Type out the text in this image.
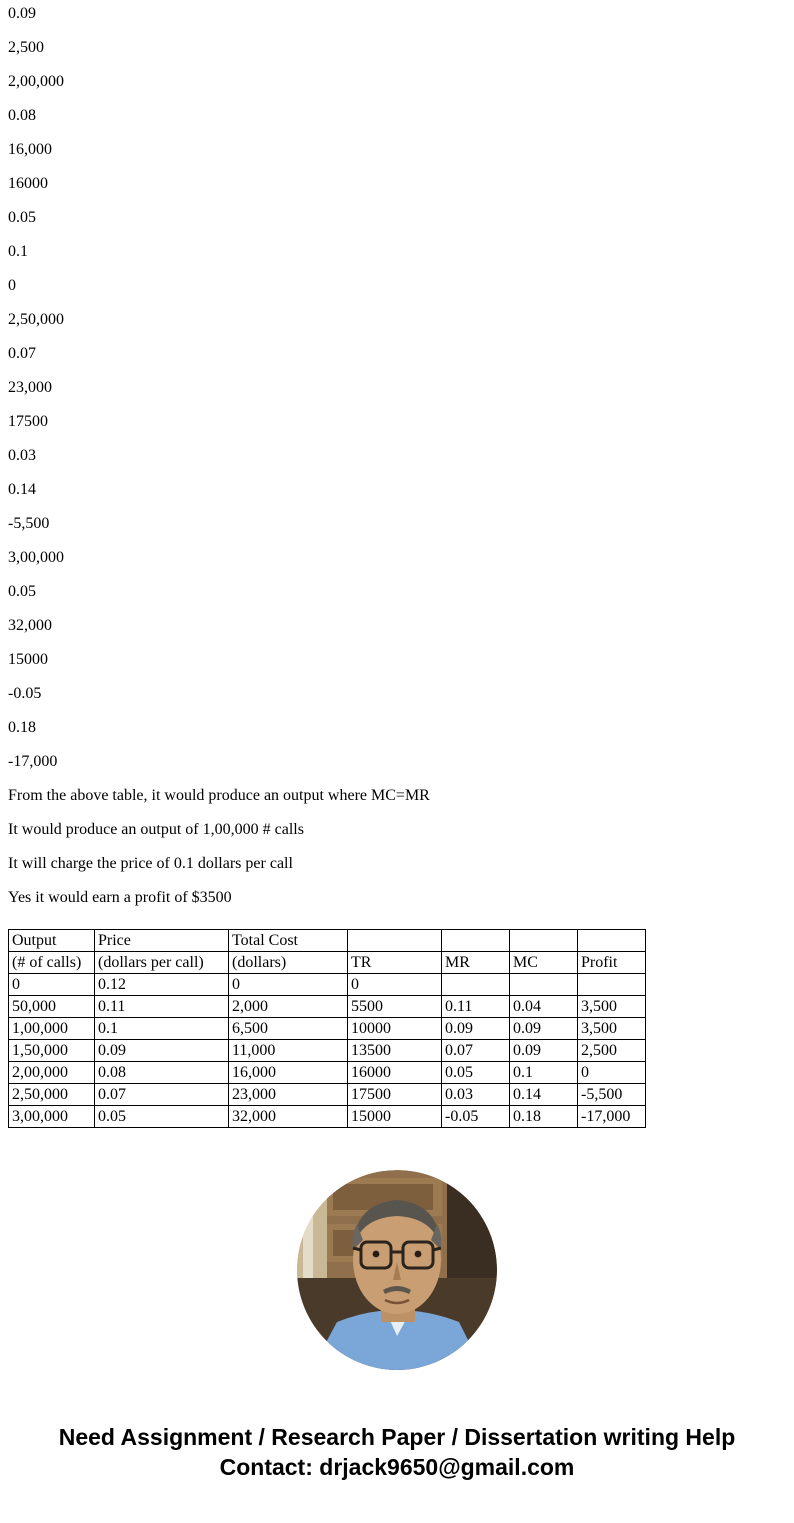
0.09

2,500

2,00,000

0.08

16,000

16000

0.05

0.1

0

2,50,000

0.07

23,000

17500

0.03

0.14

-5,500

3,00,000

0.05

32,000

15000

-0.05

0.18

-17,000

From the above table, it would produce an output where MC=MR

It would produce an output of 1,00,000 # calls

It will charge the price of 0.1 dollars per call

Yes it would earn a profit of $3500

Output	Price	Total Cost				
(# of calls)	(dollars per call)	(dollars)	TR	MR	MC	Profit
0	0.12	0	0			
50,000	0.11	2,000	5500	0.11	0.04	3,500
1,00,000	0.1	6,500	10000	0.09	0.09	3,500
1,50,000	0.09	11,000	13500	0.07	0.09	2,500
2,00,000	0.08	16,000	16000	0.05	0.1	0
2,50,000	0.07	23,000	17500	0.03	0.14	-5,500
3,00,000	0.05	32,000	15000	-0.05	0.18	-17,000
Need Assignment / Research Paper / Dissertation writing Help
Contact: drjack9650@gmail.com
